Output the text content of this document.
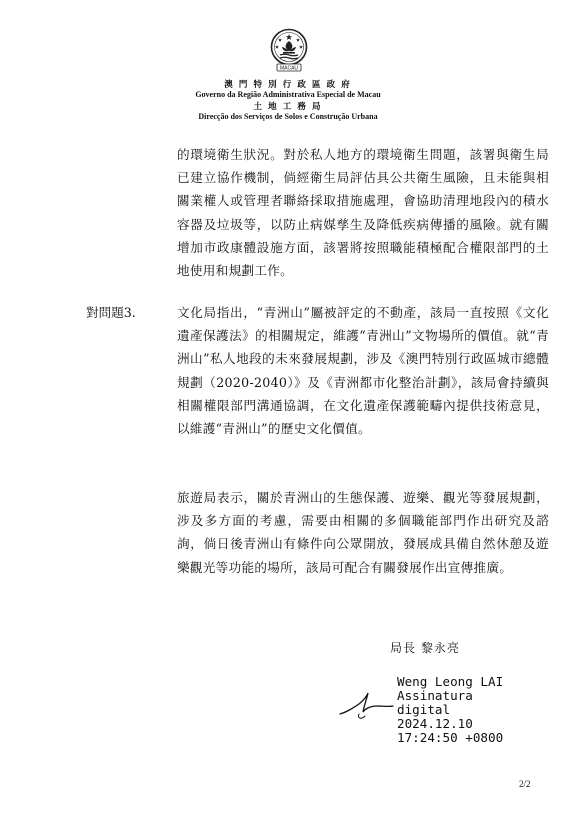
MACAU
澳 門 特 別 行 政 區 政 府
Governo da Região Administrativa Especial de Macau
土 地 工 務 局
Direcção dos Serviços de Solos e Construção Urbana
的環境衛生狀況。對於私人地方的環境衛生問題，該署與衛生局已建立協作機制，倘經衛生局評估具公共衛生風險，且未能與相關業權人或管理者聯絡採取措施處理，會協助清理地段內的積水容器及垃圾等，以防止病媒孳生及降低疾病傳播的風險。就有關增加市政康體設施方面，該署將按照職能積極配合權限部門的土地使用和規劃工作。
對問題3.	文化局指出，“青洲山”屬被評定的不動產，該局一直按照《文化遺產保護法》的相關規定，維護“青洲山”文物場所的價值。就“青洲山”私人地段的未來發展規劃，涉及《澳門特別行政區城市總體規劃（2020-2040）》及《青洲都市化整治計劃》，該局會持續與相關權限部門溝通協調，在文化遺產保護範疇內提供技術意見，以維護“青洲山”的歷史文化價值。
旅遊局表示，關於青洲山的生態保護、遊樂、觀光等發展規劃，涉及多方面的考慮，需要由相關的多個職能部門作出研究及諮詢，倘日後青洲山有條件向公眾開放，發展成具備自然休憩及遊樂觀光等功能的場所，該局可配合有關發展作出宣傳推廣。
局長 黎永亮
Weng Leong LAI
Assinatura
digital
2024.12.10
17:24:50 +0800
2/2
